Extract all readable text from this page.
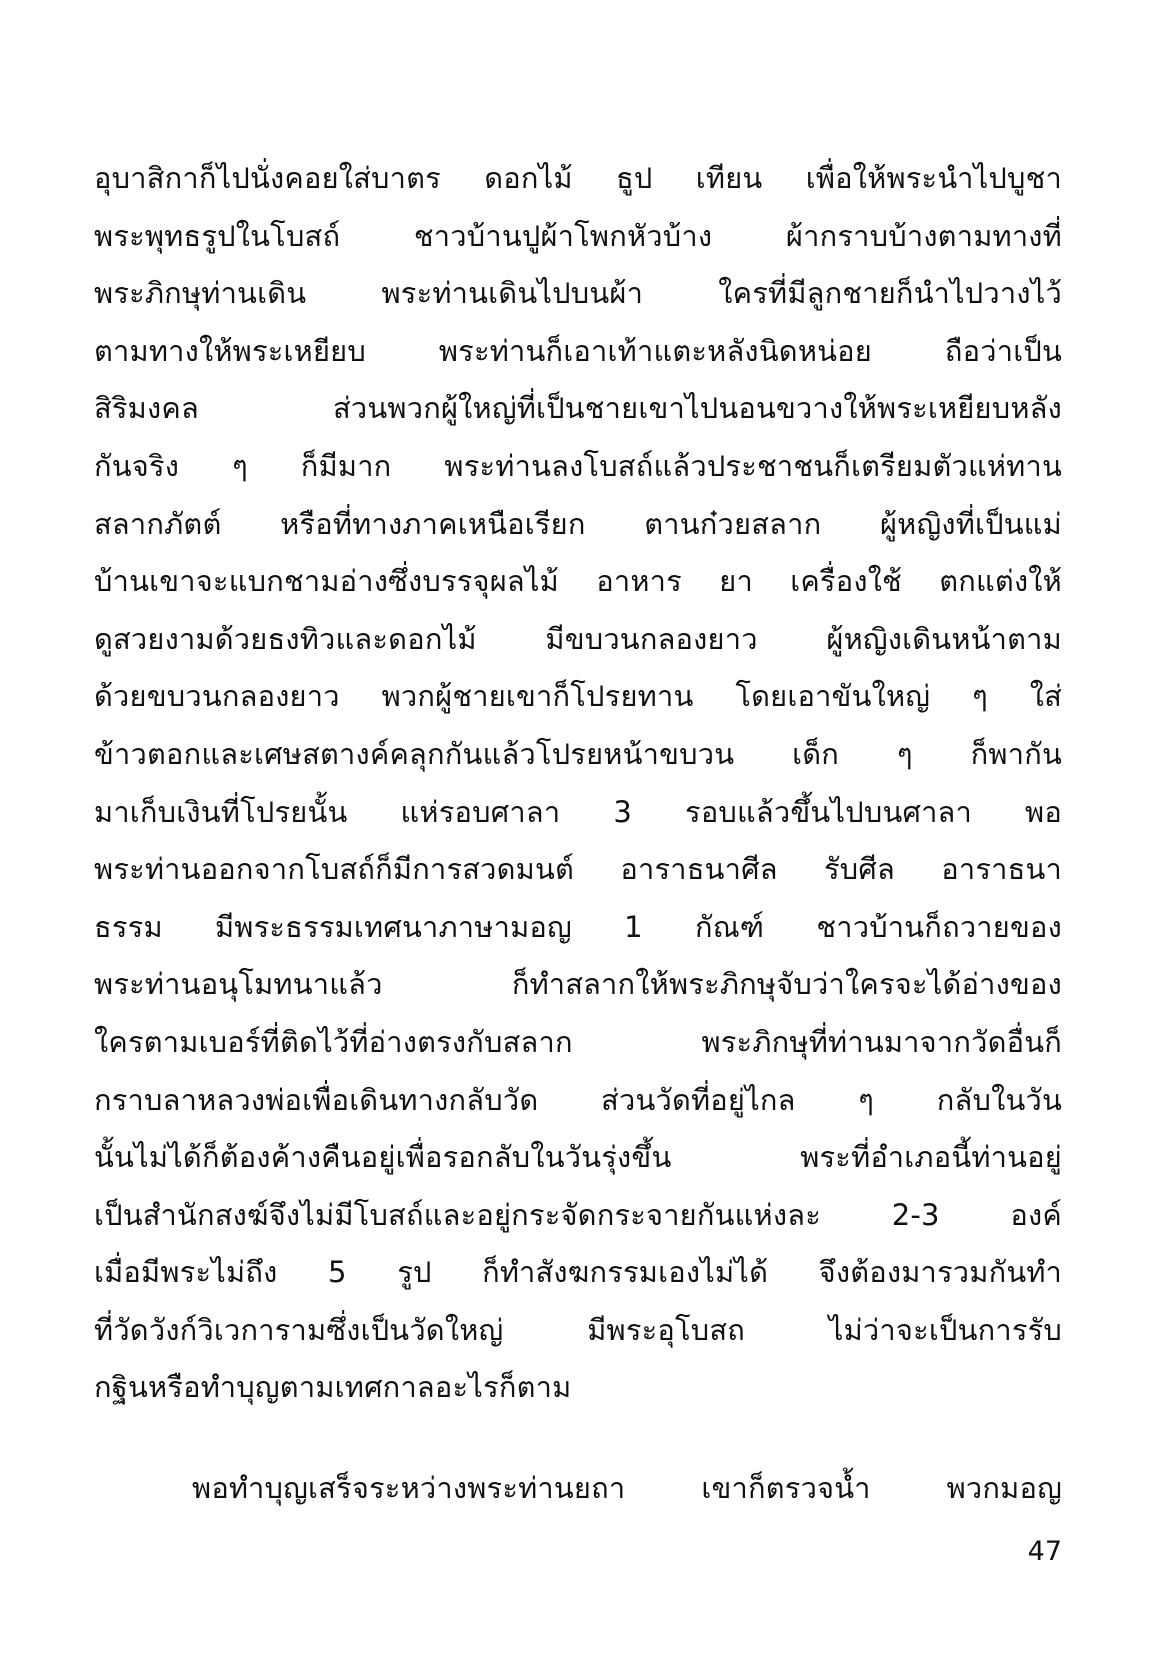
อุบาสิกาก็ไปนั่งคอยใส่บาตร ดอกไม้ ธูป เทียน เพื่อให้พระนำไปบูชา
พระพุทธรูปในโบสถ์ ชาวบ้านปูผ้าโพกหัวบ้าง ผ้ากราบบ้างตามทางที่
พระภิกษุท่านเดิน พระท่านเดินไปบนผ้า ใครที่มีลูกชายก็นำไปวางไว้
ตามทางให้พระเหยียบ พระท่านก็เอาเท้าแตะหลังนิดหน่อย ถือว่าเป็น
สิริมงคล ส่วนพวกผู้ใหญ่ที่เป็นชายเขาไปนอนขวางให้พระเหยียบหลัง
กันจริง ๆ ก็มีมาก พระท่านลงโบสถ์แล้วประชาชนก็เตรียมตัวแห่ทาน
สลากภัตต์ หรือที่ทางภาคเหนือเรียก ตานก๋วยสลาก ผู้หญิงที่เป็นแม่
บ้านเขาจะแบกชามอ่างซึ่งบรรจุผลไม้ อาหาร ยา เครื่องใช้ ตกแต่งให้
ดูสวยงามด้วยธงทิวและดอกไม้ มีขบวนกลองยาว ผู้หญิงเดินหน้าตาม
ด้วยขบวนกลองยาว พวกผู้ชายเขาก็โปรยทาน โดยเอาขันใหญ่ ๆ ใส่
ข้าวตอกและเศษสตางค์คลุกกันแล้วโปรยหน้าขบวน เด็ก ๆ ก็พากัน
มาเก็บเงินที่โปรยนั้น แห่รอบศาลา 3 รอบแล้วขึ้นไปบนศาลา พอ
พระท่านออกจากโบสถ์ก็มีการสวดมนต์ อาราธนาศีล รับศีล อาราธนา
ธรรม มีพระธรรมเทศนาภาษามอญ 1 กัณฑ์ ชาวบ้านก็ถวายของ
พระท่านอนุโมทนาแล้ว ก็ทำสลากให้พระภิกษุจับว่าใครจะได้อ่างของ
ใครตามเบอร์ที่ติดไว้ที่อ่างตรงกับสลาก พระภิกษุที่ท่านมาจากวัดอื่นก็
กราบลาหลวงพ่อเพื่อเดินทางกลับวัด ส่วนวัดที่อยู่ไกล ๆ กลับในวัน
นั้นไม่ได้ก็ต้องค้างคืนอยู่เพื่อรอกลับในวันรุ่งขึ้น พระที่อำเภอนี้ท่านอยู่
เป็นสำนักสงฆ์จึงไม่มีโบสถ์และอยู่กระจัดกระจายกันแห่งละ 2-3 องค์
เมื่อมีพระไม่ถึง 5 รูป ก็ทำสังฆกรรมเองไม่ได้ จึงต้องมารวมกันทำ
ที่วัดวังก์วิเวการามซึ่งเป็นวัดใหญ่ มีพระอุโบสถ ไม่ว่าจะเป็นการรับ
กฐินหรือทำบุญตามเทศกาลอะไรก็ตาม
พอทำบุญเสร็จระหว่างพระท่านยถา เขาก็ตรวจน้ำ พวกมอญ
47
